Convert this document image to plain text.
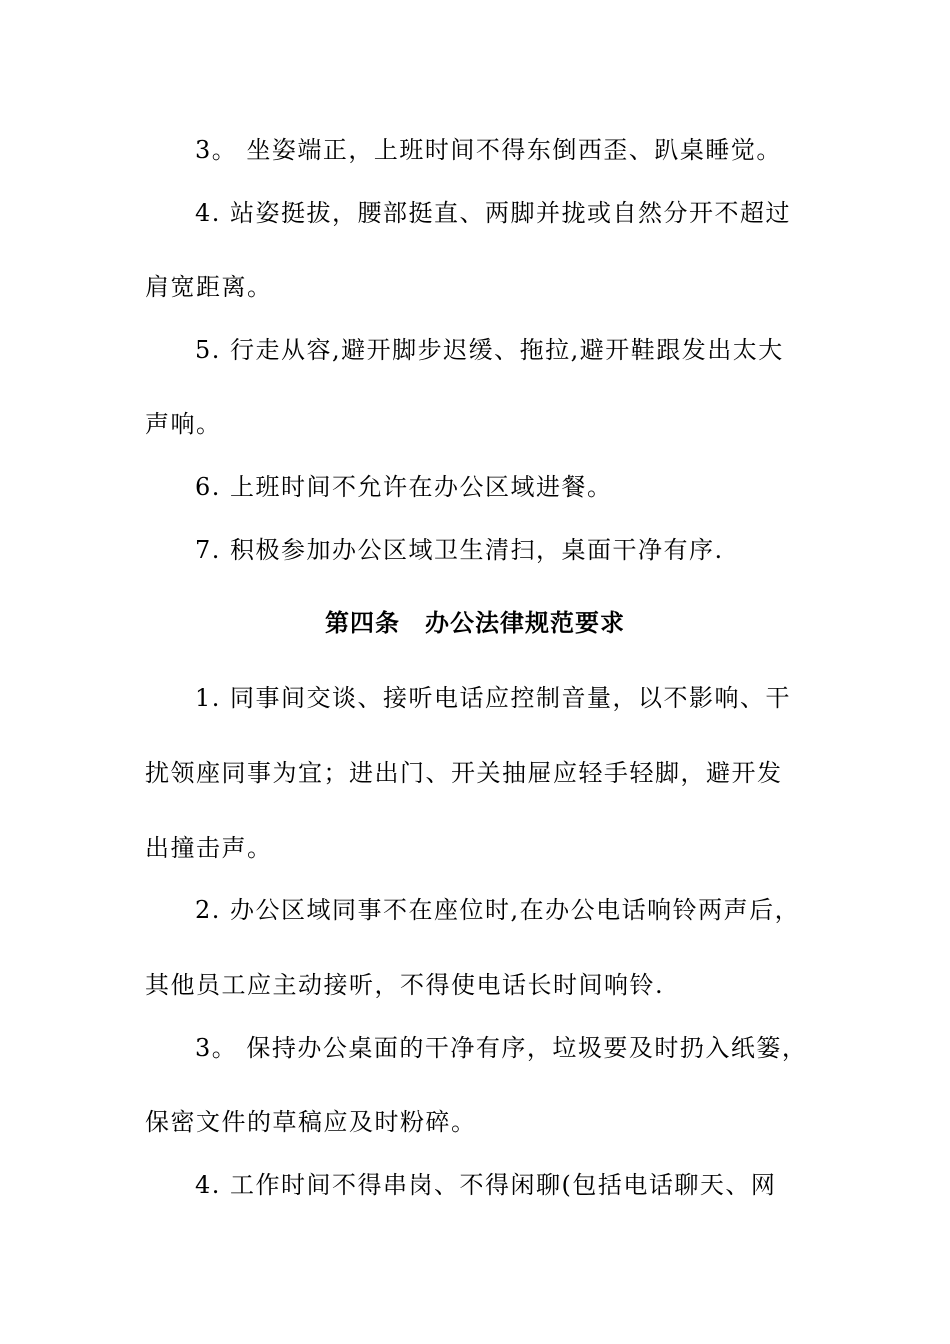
3。 坐姿端正，上班时间不得东倒西歪、趴桌睡觉。
4. 站姿挺拔，腰部挺直、两脚并拢或自然分开不超过
肩宽距离。
5. 行走从容,避开脚步迟缓、拖拉,避开鞋跟发出太大
声响。
6. 上班时间不允许在办公区域进餐。
7. 积极参加办公区域卫生清扫，桌面干净有序.
第四条　办公法律规范要求
1. 同事间交谈、接听电话应控制音量，以不影响、干
扰领座同事为宜；进出门、开关抽屉应轻手轻脚，避开发
出撞击声。
2. 办公区域同事不在座位时,在办公电话响铃两声后，
其他员工应主动接听，不得使电话长时间响铃.
3。 保持办公桌面的干净有序，垃圾要及时扔入纸篓，
保密文件的草稿应及时粉碎。
4. 工作时间不得串岗、不得闲聊(包括电话聊天、网
